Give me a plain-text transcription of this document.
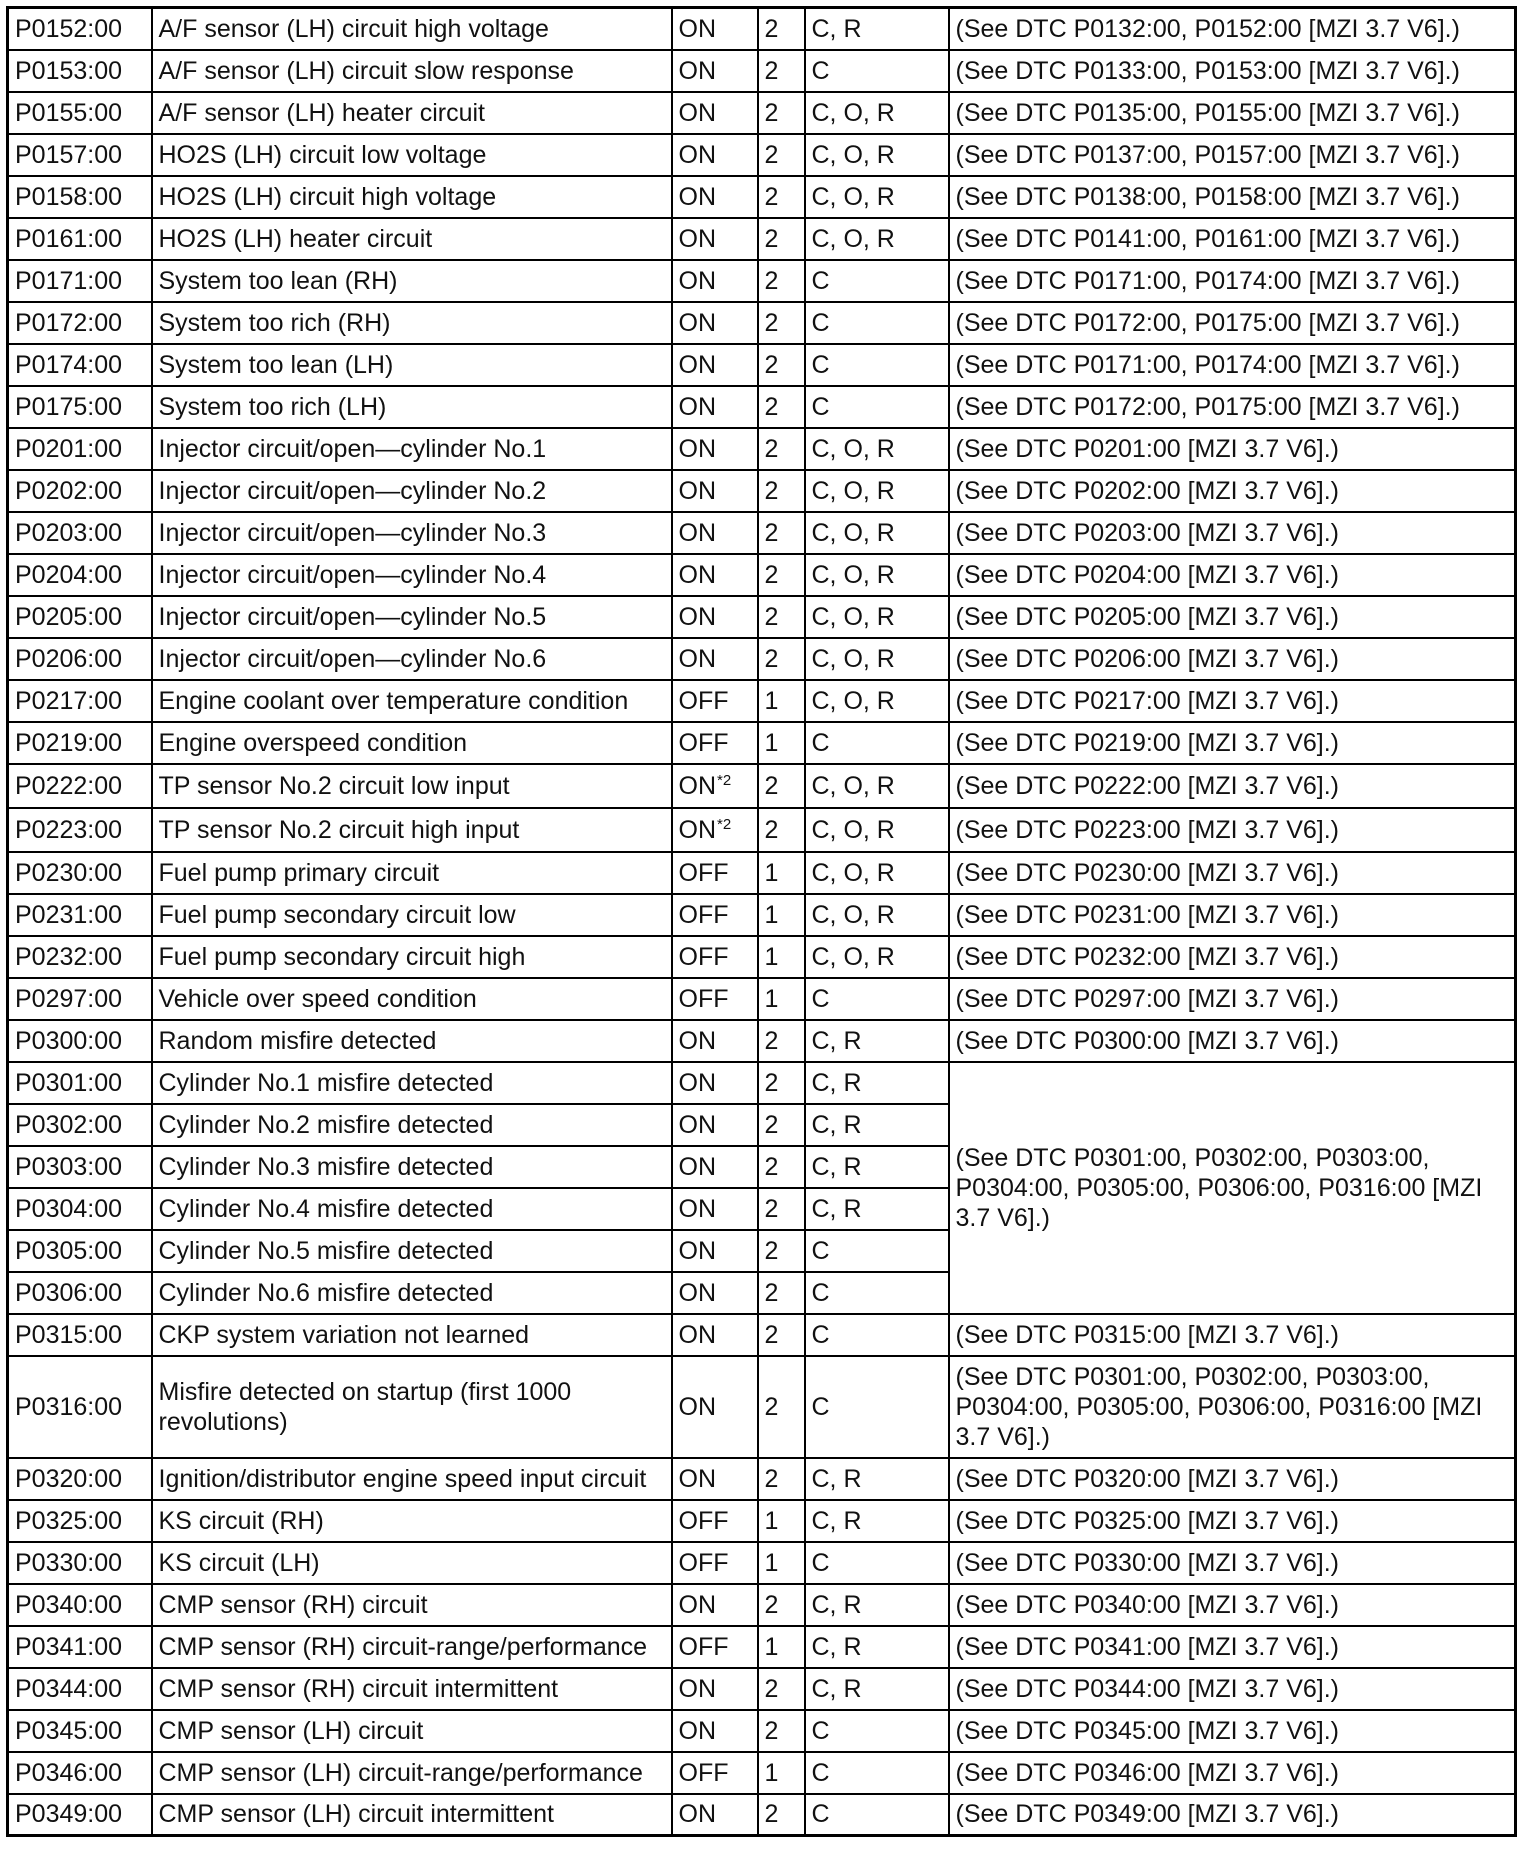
P0152:00	A/F sensor (LH) circuit high voltage	ON	2	C, R	(See DTC P0132:00, P0152:00 [MZI 3.7 V6].)
P0153:00	A/F sensor (LH) circuit slow response	ON	2	C	(See DTC P0133:00, P0153:00 [MZI 3.7 V6].)
P0155:00	A/F sensor (LH) heater circuit	ON	2	C, O, R	(See DTC P0135:00, P0155:00 [MZI 3.7 V6].)
P0157:00	HO2S (LH) circuit low voltage	ON	2	C, O, R	(See DTC P0137:00, P0157:00 [MZI 3.7 V6].)
P0158:00	HO2S (LH) circuit high voltage	ON	2	C, O, R	(See DTC P0138:00, P0158:00 [MZI 3.7 V6].)
P0161:00	HO2S (LH) heater circuit	ON	2	C, O, R	(See DTC P0141:00, P0161:00 [MZI 3.7 V6].)
P0171:00	System too lean (RH)	ON	2	C	(See DTC P0171:00, P0174:00 [MZI 3.7 V6].)
P0172:00	System too rich (RH)	ON	2	C	(See DTC P0172:00, P0175:00 [MZI 3.7 V6].)
P0174:00	System too lean (LH)	ON	2	C	(See DTC P0171:00, P0174:00 [MZI 3.7 V6].)
P0175:00	System too rich (LH)	ON	2	C	(See DTC P0172:00, P0175:00 [MZI 3.7 V6].)
P0201:00	Injector circuit/open—cylinder No.1	ON	2	C, O, R	(See DTC P0201:00 [MZI 3.7 V6].)
P0202:00	Injector circuit/open—cylinder No.2	ON	2	C, O, R	(See DTC P0202:00 [MZI 3.7 V6].)
P0203:00	Injector circuit/open—cylinder No.3	ON	2	C, O, R	(See DTC P0203:00 [MZI 3.7 V6].)
P0204:00	Injector circuit/open—cylinder No.4	ON	2	C, O, R	(See DTC P0204:00 [MZI 3.7 V6].)
P0205:00	Injector circuit/open—cylinder No.5	ON	2	C, O, R	(See DTC P0205:00 [MZI 3.7 V6].)
P0206:00	Injector circuit/open—cylinder No.6	ON	2	C, O, R	(See DTC P0206:00 [MZI 3.7 V6].)
P0217:00	Engine coolant over temperature condition	OFF	1	C, O, R	(See DTC P0217:00 [MZI 3.7 V6].)
P0219:00	Engine overspeed condition	OFF	1	C	(See DTC P0219:00 [MZI 3.7 V6].)
P0222:00	TP sensor No.2 circuit low input	ON$^{*2}$	2	C, O, R	(See DTC P0222:00 [MZI 3.7 V6].)
P0223:00	TP sensor No.2 circuit high input	ON$^{*2}$	2	C, O, R	(See DTC P0223:00 [MZI 3.7 V6].)
P0230:00	Fuel pump primary circuit	OFF	1	C, O, R	(See DTC P0230:00 [MZI 3.7 V6].)
P0231:00	Fuel pump secondary circuit low	OFF	1	C, O, R	(See DTC P0231:00 [MZI 3.7 V6].)
P0232:00	Fuel pump secondary circuit high	OFF	1	C, O, R	(See DTC P0232:00 [MZI 3.7 V6].)
P0297:00	Vehicle over speed condition	OFF	1	C	(See DTC P0297:00 [MZI 3.7 V6].)
P0300:00	Random misfire detected	ON	2	C, R	(See DTC P0300:00 [MZI 3.7 V6].)
P0301:00	Cylinder No.1 misfire detected	ON	2	C, R	(See DTC P0301:00, P0302:00, P0303:00, P0304:00, P0305:00, P0306:00, P0316:00 [MZI 3.7 V6].)
P0302:00	Cylinder No.2 misfire detected	ON	2	C, R	
P0303:00	Cylinder No.3 misfire detected	ON	2	C, R	
P0304:00	Cylinder No.4 misfire detected	ON	2	C, R	
P0305:00	Cylinder No.5 misfire detected	ON	2	C	
P0306:00	Cylinder No.6 misfire detected	ON	2	C	
P0315:00	CKP system variation not learned	ON	2	C	(See DTC P0315:00 [MZI 3.7 V6].)
P0316:00	Misfire detected on startup (first 1000 revolutions)	ON	2	C	(See DTC P0301:00, P0302:00, P0303:00, P0304:00, P0305:00, P0306:00, P0316:00 [MZI 3.7 V6].)
P0320:00	Ignition/distributor engine speed input circuit	ON	2	C, R	(See DTC P0320:00 [MZI 3.7 V6].)
P0325:00	KS circuit (RH)	OFF	1	C, R	(See DTC P0325:00 [MZI 3.7 V6].)
P0330:00	KS circuit (LH)	OFF	1	C	(See DTC P0330:00 [MZI 3.7 V6].)
P0340:00	CMP sensor (RH) circuit	ON	2	C, R	(See DTC P0340:00 [MZI 3.7 V6].)
P0341:00	CMP sensor (RH) circuit-range/performance	OFF	1	C, R	(See DTC P0341:00 [MZI 3.7 V6].)
P0344:00	CMP sensor (RH) circuit intermittent	ON	2	C, R	(See DTC P0344:00 [MZI 3.7 V6].)
P0345:00	CMP sensor (LH) circuit	ON	2	C	(See DTC P0345:00 [MZI 3.7 V6].)
P0346:00	CMP sensor (LH) circuit-range/performance	OFF	1	C	(See DTC P0346:00 [MZI 3.7 V6].)
P0349:00	CMP sensor (LH) circuit intermittent	ON	2	C	(See DTC P0349:00 [MZI 3.7 V6].)
